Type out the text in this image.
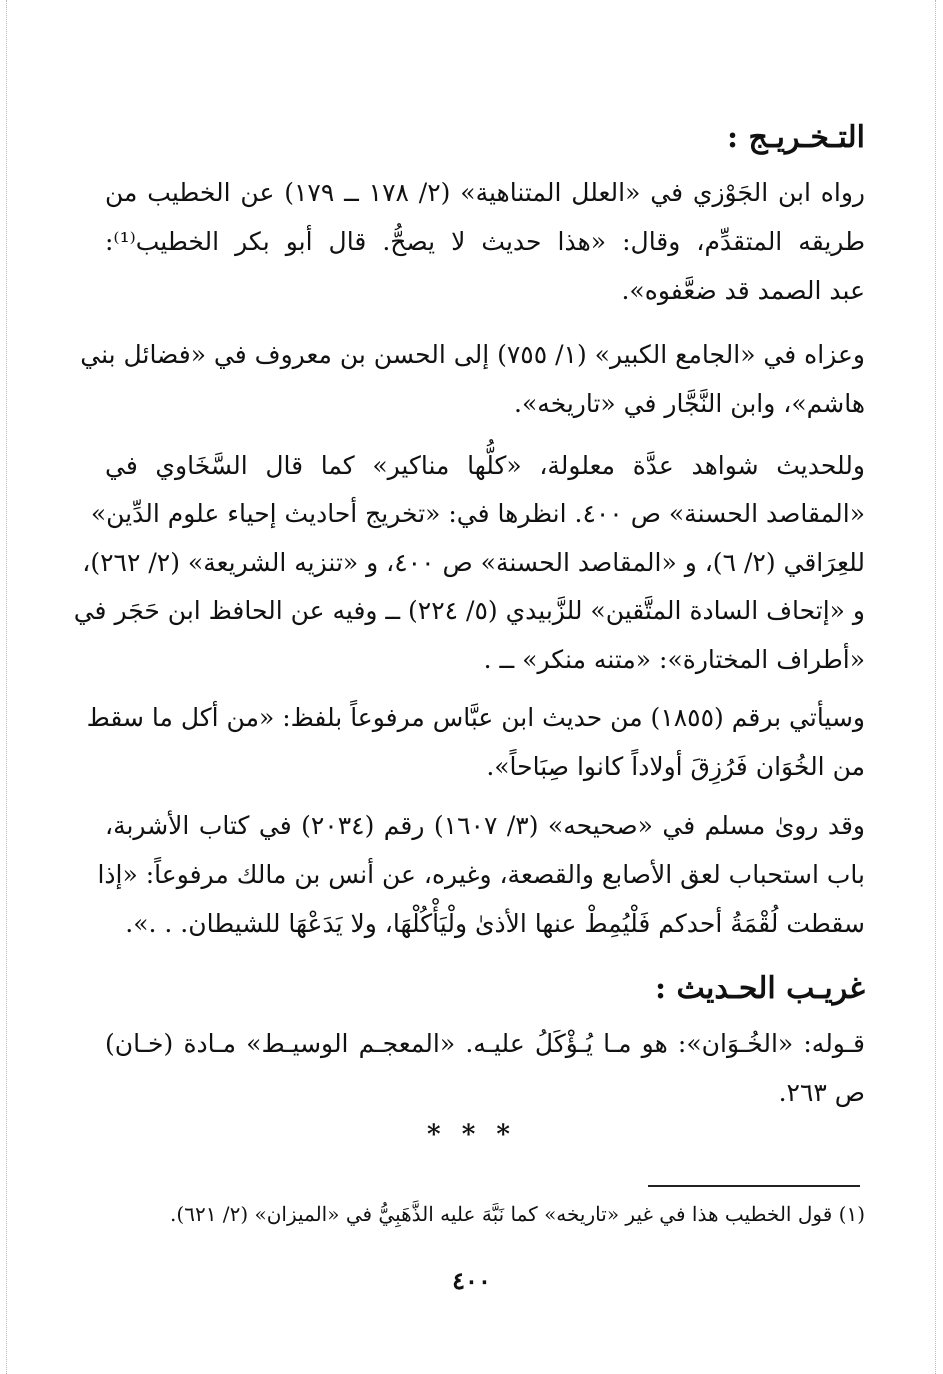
التـخـريـج :
رواه ابن الجَوْزي في «العلل المتناهية» (٢/ ١٧٨ ــ ١٧٩) عن الخطيب من
طريقه المتقدِّم، وقال: «هذا حديث لا يصحُّ. قال أبو بكر الخطيب⁽¹⁾:
عبد الصمد قد ضعَّفوه».
وعزاه في «الجامع الكبير» (١/ ٧٥٥) إلى الحسن بن معروف في «فضائل بني
هاشم»، وابن النَّجَّار في «تاريخه».
وللحديث شواهد عدَّة معلولة، «كلُّها مناكير» كما قال السَّخَاوي في
«المقاصد الحسنة» ص ٤٠٠. انظرها في: «تخريج أحاديث إحياء علوم الدِّين»
للعِرَاقي (٢/ ٦)، و «المقاصد الحسنة» ص ٤٠٠، و «تنزيه الشريعة» (٢/ ٢٦٢)،
و «إتحاف السادة المتَّقين» للزَّبيدي (٥/ ٢٢٤) ــ وفيه عن الحافظ ابن حَجَر في
«أطراف المختارة»: «متنه منكر» ــ .
وسيأتي برقم (١٨٥٥) من حديث ابن عبَّاس مرفوعاً بلفظ: «من أكل ما سقط
من الخُوَان فَرُزِقَ أولاداً كانوا صِبَاحاً».
وقد روىٰ مسلم في «صحيحه» (٣/ ١٦٠٧) رقم (٢٠٣٤) في كتاب الأشربة،
باب استحباب لعق الأصابع والقصعة، وغيره، عن أنس بن مالك مرفوعاً: «إذا
سقطت لُقْمَةُ أحدكم فَلْيُمِطْ عنها الأذىٰ ولْيَأْكُلْهَا، ولا يَدَعْهَا للشيطان. . .».
غريـب الحـديث :
قـوله: «الخُـوَان»: هو مـا يُـؤْكَلُ عليـه. «المعجـم الوسيـط» مـادة (خـان)
ص ٢٦٣.
* * *
(١) قول الخطيب هذا في غير «تاريخه» كما نَبَّهَ عليه الذَّهَبِيُّ في «الميزان» (٢/ ٦٢١).
٤٠٠
